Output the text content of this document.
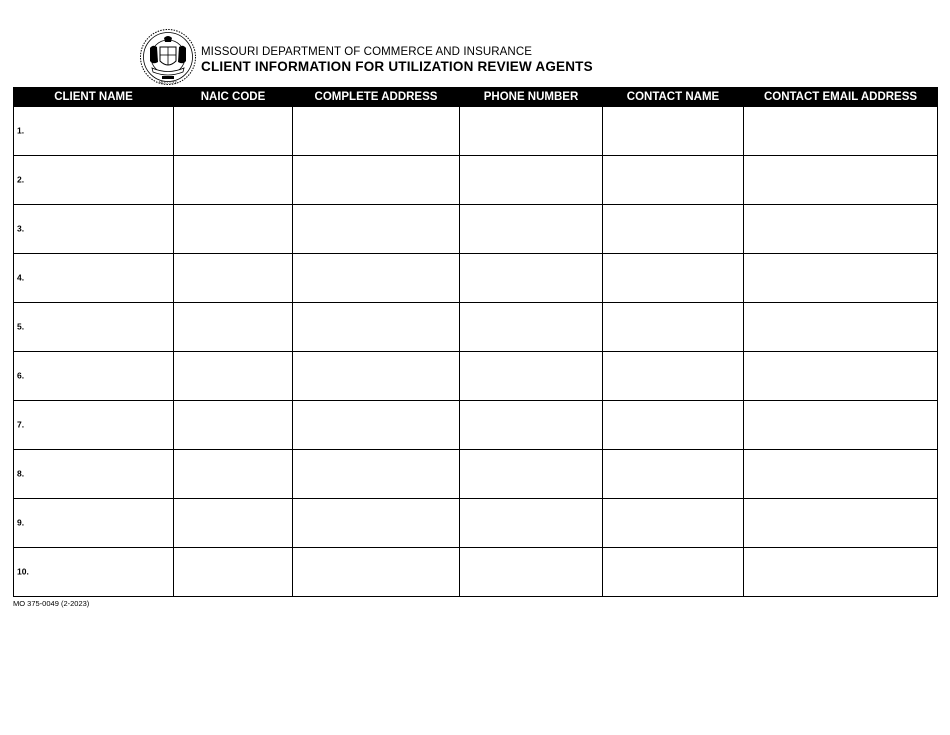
MDCCCXX
MISSOURI DEPARTMENT OF COMMERCE AND INSURANCE
CLIENT INFORMATION FOR UTILIZATION REVIEW AGENTS
CLIENT NAME	NAIC CODE	COMPLETE ADDRESS	PHONE NUMBER	CONTACT NAME	CONTACT EMAIL ADDRESS

1.					

2.					

3.					

4.					

5.					

6.					

7.					

8.					

9.					

10.					

MO 375-0049 (2-2023)
